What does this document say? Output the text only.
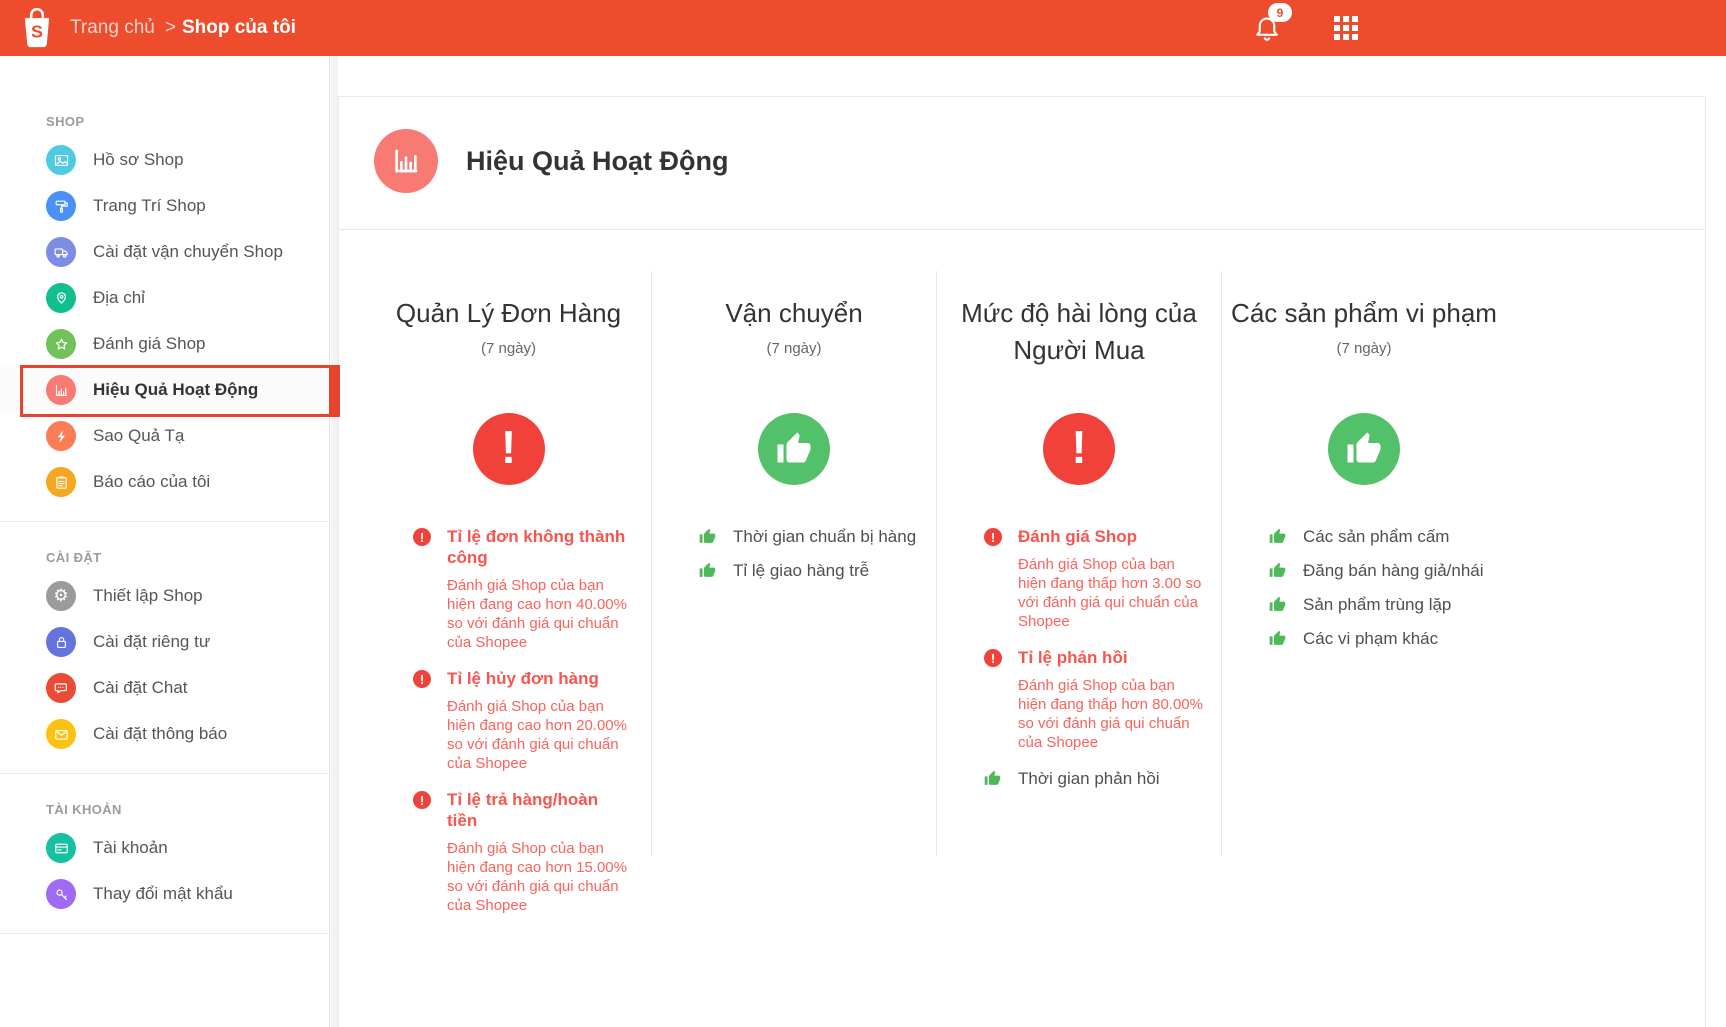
S Trang chủ > Shop của tôi
9
SHOP
Hồ sơ Shop
Trang Trí Shop
Cài đặt vận chuyển Shop
Địa chỉ
Đánh giá Shop
Hiệu Quả Hoạt Động
Sao Quả Tạ
Báo cáo của tôi
CÀI ĐẶT
⚙ Thiết lập Shop
Cài đặt riêng tư
Cài đặt Chat
Cài đặt thông báo
TÀI KHOẢN
Tài khoản
Thay đổi mật khẩu
Hiệu Quả Hoạt Động
Quản Lý Đơn Hàng
(7 ngày)
!
!	Tỉ lệ đơn không thành công
Đánh giá Shop của bạn hiện đang cao hơn 40.00% so với đánh giá qui chuẩn của Shopee
!	Tỉ lệ hủy đơn hàng
Đánh giá Shop của bạn hiện đang cao hơn 20.00% so với đánh giá qui chuẩn của Shopee
!	Tỉ lệ trả hàng/hoàn tiền
Đánh giá Shop của bạn hiện đang cao hơn 15.00% so với đánh giá qui chuẩn của Shopee
Vận chuyển
(7 ngày)
Thời gian chuẩn bị hàng
Tỉ lệ giao hàng trễ
Mức độ hài lòng của Người Mua
!
!	Đánh giá Shop
Đánh giá Shop của bạn hiện đang thấp hơn 3.00 so với đánh giá qui chuẩn của Shopee
!	Tỉ lệ phản hồi
Đánh giá Shop của bạn hiện đang thấp hơn 80.00% so với đánh giá qui chuẩn của Shopee
Thời gian phản hồi
Các sản phẩm vi phạm
(7 ngày)
Các sản phẩm cấm
Đăng bán hàng giả/nhái
Sản phẩm trùng lặp
Các vi phạm khác
